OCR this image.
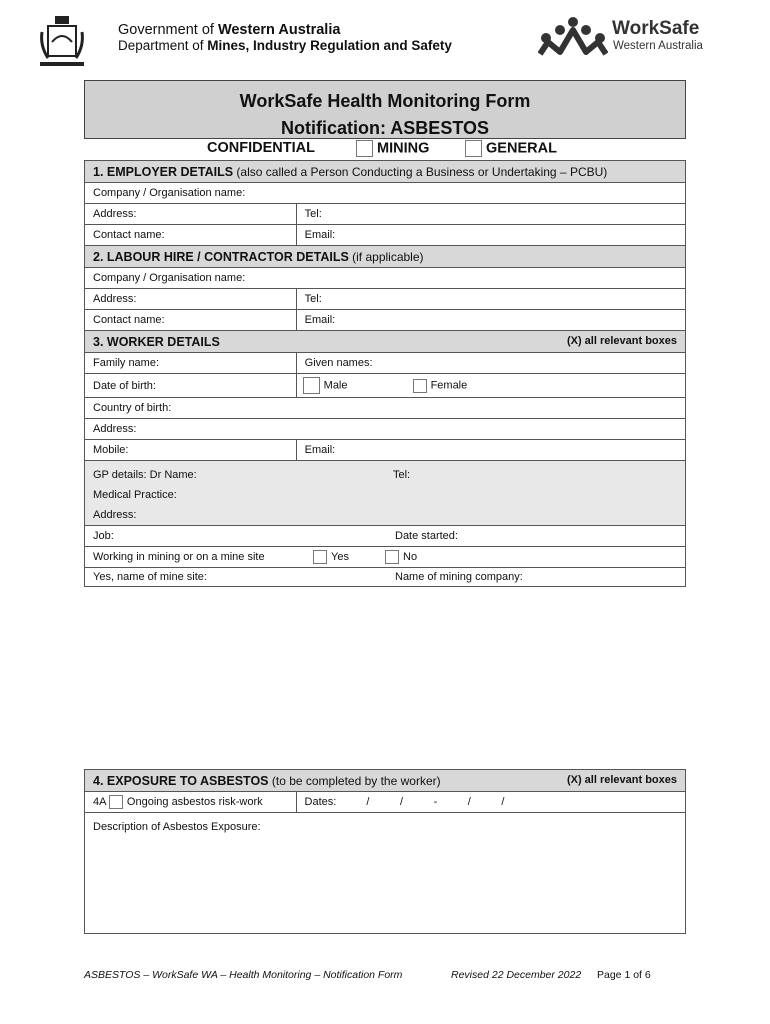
Government of Western Australia
Department of Mines, Industry Regulation and Safety
WorkSafe
Western Australia
WorkSafe Health Monitoring Form
Notification: ASBESTOS
CONFIDENTIAL	MINING	GENERAL
1. EMPLOYER DETAILS (also called a Person Conducting a Business or Undertaking – PCBU)	
Company / Organisation name:	
Address:	Tel:
Contact name:	Email:
2. LABOUR HIRE / CONTRACTOR DETAILS (if applicable)	
Company / Organisation name:	
Address:	Tel:
Contact name:	Email:
3. WORKER DETAILS (X) all relevant boxes	

Family name:	Given names:
Date of birth:	Male Female
Country of birth:	
Address:	
Mobile:	Email:

GP details: Dr Name: Tel:
Medical Practice:
Address:	

Job: Date started:	

Working in mining or on a mine site Yes No	

Yes, name of mine site: Name of mining company:	
4. EXPOSURE TO ASBESTOS (to be completed by the worker)	(X) all relevant boxes

4A Ongoing asbestos risk-work	Dates:	/          /          -          /          /
Description of Asbestos Exposure:
ASBESTOS – WorkSafe WA – Health Monitoring – Notification Form	Revised 22 December 2022 Page 1 of 6
